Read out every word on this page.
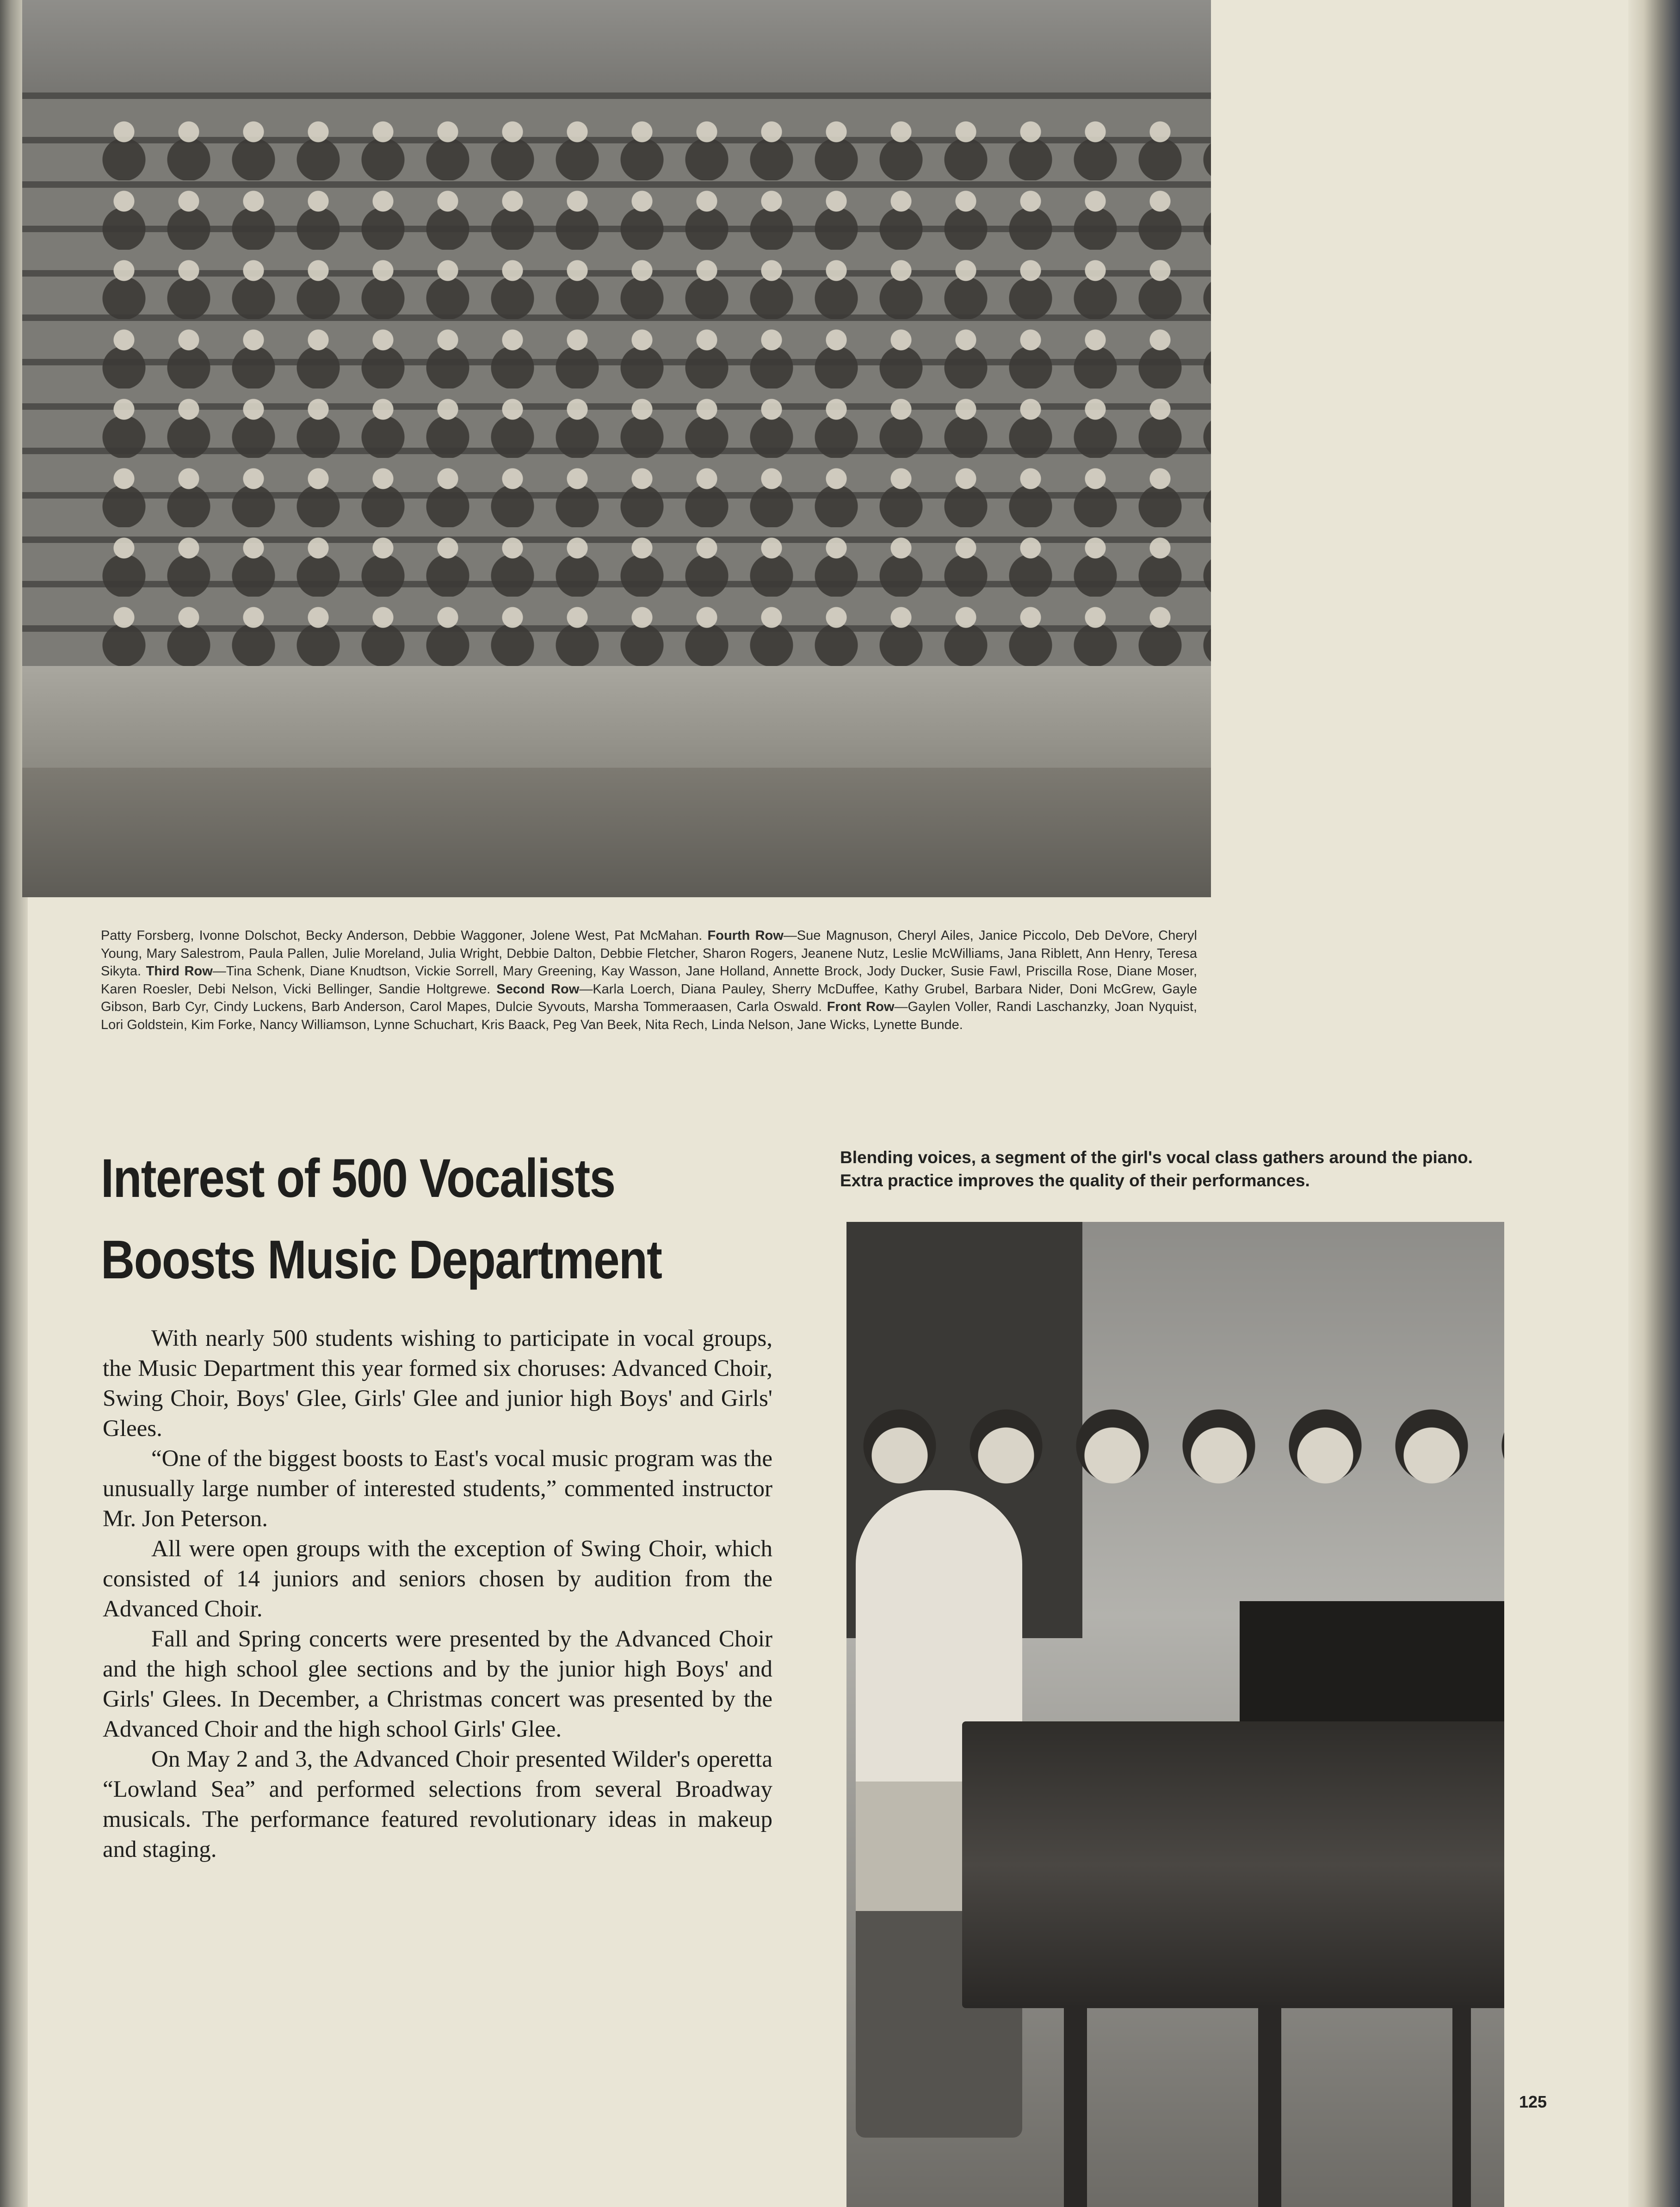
Patty Forsberg, Ivonne Dolschot, Becky Anderson, Debbie Waggoner, Jolene West, Pat McMahan. Fourth Row—Sue Magnuson, Cheryl Ailes, Janice Piccolo, Deb DeVore, Cheryl Young, Mary Salestrom, Paula Pallen, Julie Moreland, Julia Wright, Debbie Dalton, Debbie Fletcher, Sharon Rogers, Jeanene Nutz, Leslie McWilliams, Jana Riblett, Ann Henry, Teresa Sikyta. Third Row—Tina Schenk, Diane Knudtson, Vickie Sorrell, Mary Greening, Kay Wasson, Jane Holland, Annette Brock, Jody Ducker, Susie Fawl, Priscilla Rose, Diane Moser, Karen Roesler, Debi Nelson, Vicki Bellinger, Sandie Holtgrewe. Second Row—Karla Loerch, Diana Pauley, Sherry McDuffee, Kathy Grubel, Barbara Nider, Doni McGrew, Gayle Gibson, Barb Cyr, Cindy Luckens, Barb Anderson, Carol Mapes, Dulcie Syvouts, Marsha Tommeraasen, Carla Oswald. Front Row—Gaylen Voller, Randi Laschanzky, Joan Nyquist, Lori Goldstein, Kim Forke, Nancy Williamson, Lynne Schuchart, Kris Baack, Peg Van Beek, Nita Rech, Linda Nelson, Jane Wicks, Lynette Bunde.
Interest of 500 Vocalists
Boosts Music Department

With nearly 500 students wishing to participate in vocal groups, the Music Department this year formed six choruses: Advanced Choir, Swing Choir, Boys' Glee, Girls' Glee and junior high Boys' and Girls' Glees.

“One of the biggest boosts to East's vocal music program was the unusually large number of interested students,” commented instructor Mr. Jon Peterson.

All were open groups with the exception of Swing Choir, which consisted of 14 juniors and seniors chosen by audition from the Advanced Choir.

Fall and Spring concerts were presented by the Advanced Choir and the high school glee sections and by the junior high Boys' and Girls' Glees. In December, a Christmas concert was presented by the Advanced Choir and the high school Girls' Glee.

On May 2 and 3, the Advanced Choir presented Wilder's operetta “Lowland Sea” and performed selections from several Broadway musicals. The performance featured revolutionary ideas in makeup and staging.

Blending voices, a segment of the girl's vocal class gathers around the piano. Extra practice improves the quality of their performances.
125
